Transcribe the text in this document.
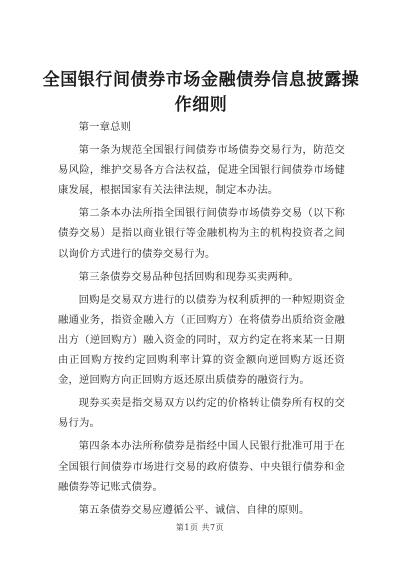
全国银行间债券市场金融债券信息披露操作细则

第一章总则

第一条为规范全国银行间债券市场债券交易行为，防范交易风险，维护交易各方合法权益，促进全国银行间债券市场健康发展，根据国家有关法律法规，制定本办法。

第二条本办法所指全国银行间债券市场债券交易（以下称债券交易）是指以商业银行等金融机构为主的机构投资者之间以询价方式进行的债券交易行为。

第三条债券交易品种包括回购和现券买卖两种。

回购是交易双方进行的以债券为权利质押的一种短期资金融通业务，指资金融入方（正回购方）在将债券出质给资金融出方（逆回购方）融入资金的同时，双方约定在将来某一日期由正回购方按约定回购利率计算的资金额向逆回购方返还资金，逆回购方向正回购方返还原出质债券的融资行为。

现券买卖是指交易双方以约定的价格转让债券所有权的交易行为。

第四条本办法所称债券是指经中国人民银行批准可用于在全国银行间债券市场进行交易的政府债券、中央银行债券和金融债券等记账式债券。

第五条债券交易应遵循公平、诚信、自律的原则。

第1页 共7页
